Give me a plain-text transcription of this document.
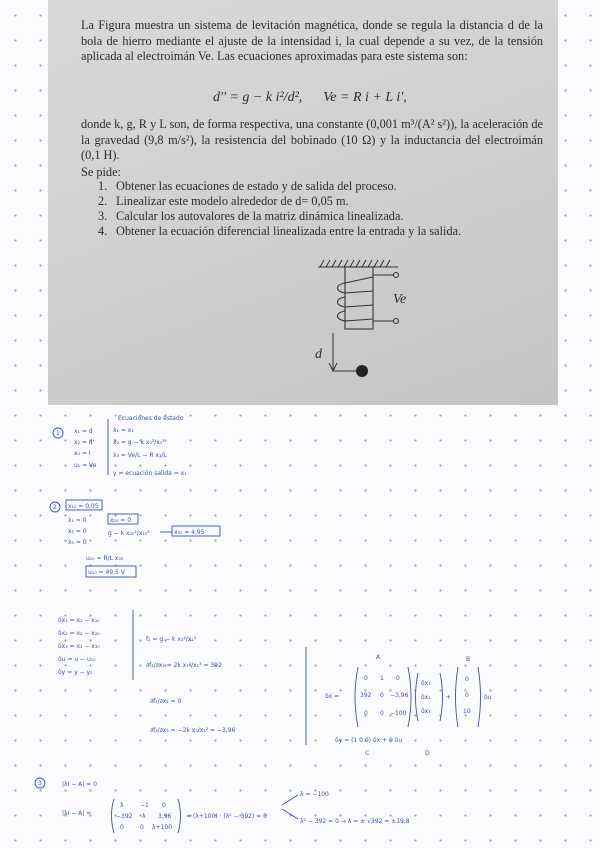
La Figura muestra un sistema de levitación magnética, donde se regula la distancia d de la bola de hierro mediante el ajuste de la intensidad i, la cual depende a su vez, de la tensión aplicada al electroimán Ve. Las ecuaciones aproximadas para este sistema son:
d'' = g − k i²/d², Ve = R i + L i',
donde k, g, R y L son, de forma respectiva, una constante (0,001 m³/(A² s²)), la aceleración de la gravedad (9,8 m/s²), la resistencia del bobinado (10 Ω) y la inductancia del electroimán (0,1 H).
Se pide:
1. Obtener las ecuaciones de estado y de salida del proceso.
2. Linealizar este modelo alrededor de d= 0,05 m.
3. Calcular los autovalores de la matriz dinámica linealizada.
4. Obtener la ecuación diferencial linealizada entre la entrada y la salida.
Ve
d
1
Ecuaciones de estado
x₁ = d
x₂ = d'
x₃ = i
u₁ = Ve
ẋ₁ = x₂
ẋ₂ = g − k x₃²/x₁²
ẋ₃ = Ve/L − R x₃/L
y = ecuación salida = x₁
2 x₁₀ = 0,05
ẋ₁ = 0
ẋ₂ = 0
ẋ₃ = 0
x₂₀ = 0
g − k x₃₀²/x₁₀²	x₃₀ = 4,95
u₁₀ = R/L x₃₀
u₁₀ = 49,5 V
δx₁ = x₁ − x₁₀
δx₂ = x₂ − x₂₀
δx₃ = x₃ − x₃₀
δu = u − u₁₀
δy = y − y₀
f₂ = g − k x₃²/x₁²
∂f₂/∂x₁ = 2k x₃²/x₁³ = 392
∂f₂/∂x₂ = 0
∂f₂/∂x₃ = −2k x₃/x₁² = −3,96
δẋ =
A
0 1 0
392 0 −3,96
0 0 −100
δx₁
δx₂
δx₃
+
B
0
0
10
δu
δy = (1 0 0) δx + 0 δu
C	D
3	|λI − A| = 0
|λI − A| =
λ	−1 0
−392 λ 3,96
0	0 λ+100
= (λ+100) · (λ² − 392) = 0
λ = −100
λ² − 392 = 0 → λ = ± √392 = ±19,8
